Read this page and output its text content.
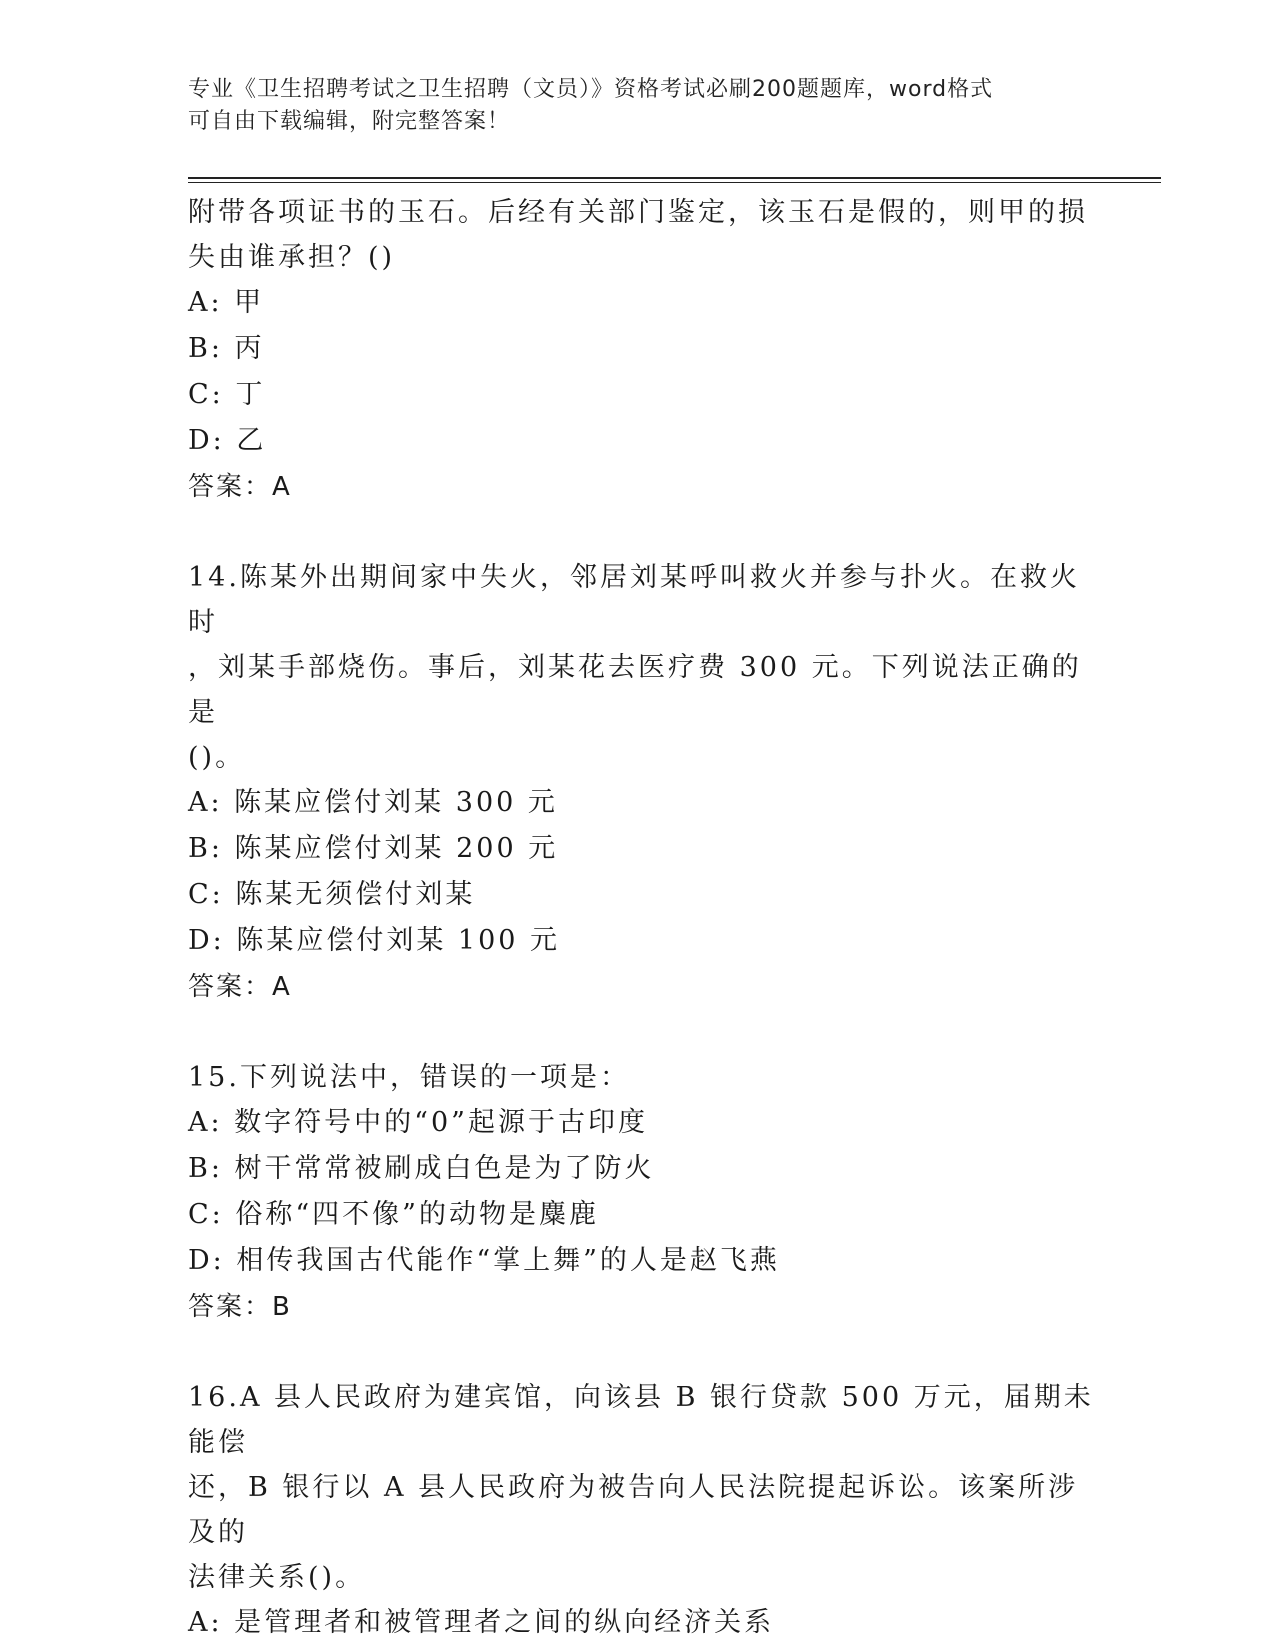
专业《卫生招聘考试之卫生招聘（文员）》资格考试必刷200题题库，word格式
可自由下载编辑，附完整答案！
附带各项证书的玉石。后经有关部门鉴定，该玉石是假的，则甲的损
失由谁承担？()
A: 甲
B: 丙
C: 丁
D: 乙
答案：A
14.陈某外出期间家中失火，邻居刘某呼叫救火并参与扑火。在救火时
，刘某手部烧伤。事后，刘某花去医疗费 300 元。下列说法正确的是
()。
A: 陈某应偿付刘某 300 元
B: 陈某应偿付刘某 200 元
C: 陈某无须偿付刘某
D: 陈某应偿付刘某 100 元
答案：A
15.下列说法中，错误的一项是：
A: 数字符号中的“0”起源于古印度
B: 树干常常被刷成白色是为了防火
C: 俗称“四不像”的动物是麋鹿
D: 相传我国古代能作“掌上舞”的人是赵飞燕
答案：B
16.A 县人民政府为建宾馆，向该县 B 银行贷款 500 万元，届期未能偿
还，B 银行以 A 县人民政府为被告向人民法院提起诉讼。该案所涉及的
法律关系()。
A: 是管理者和被管理者之间的纵向经济关系
